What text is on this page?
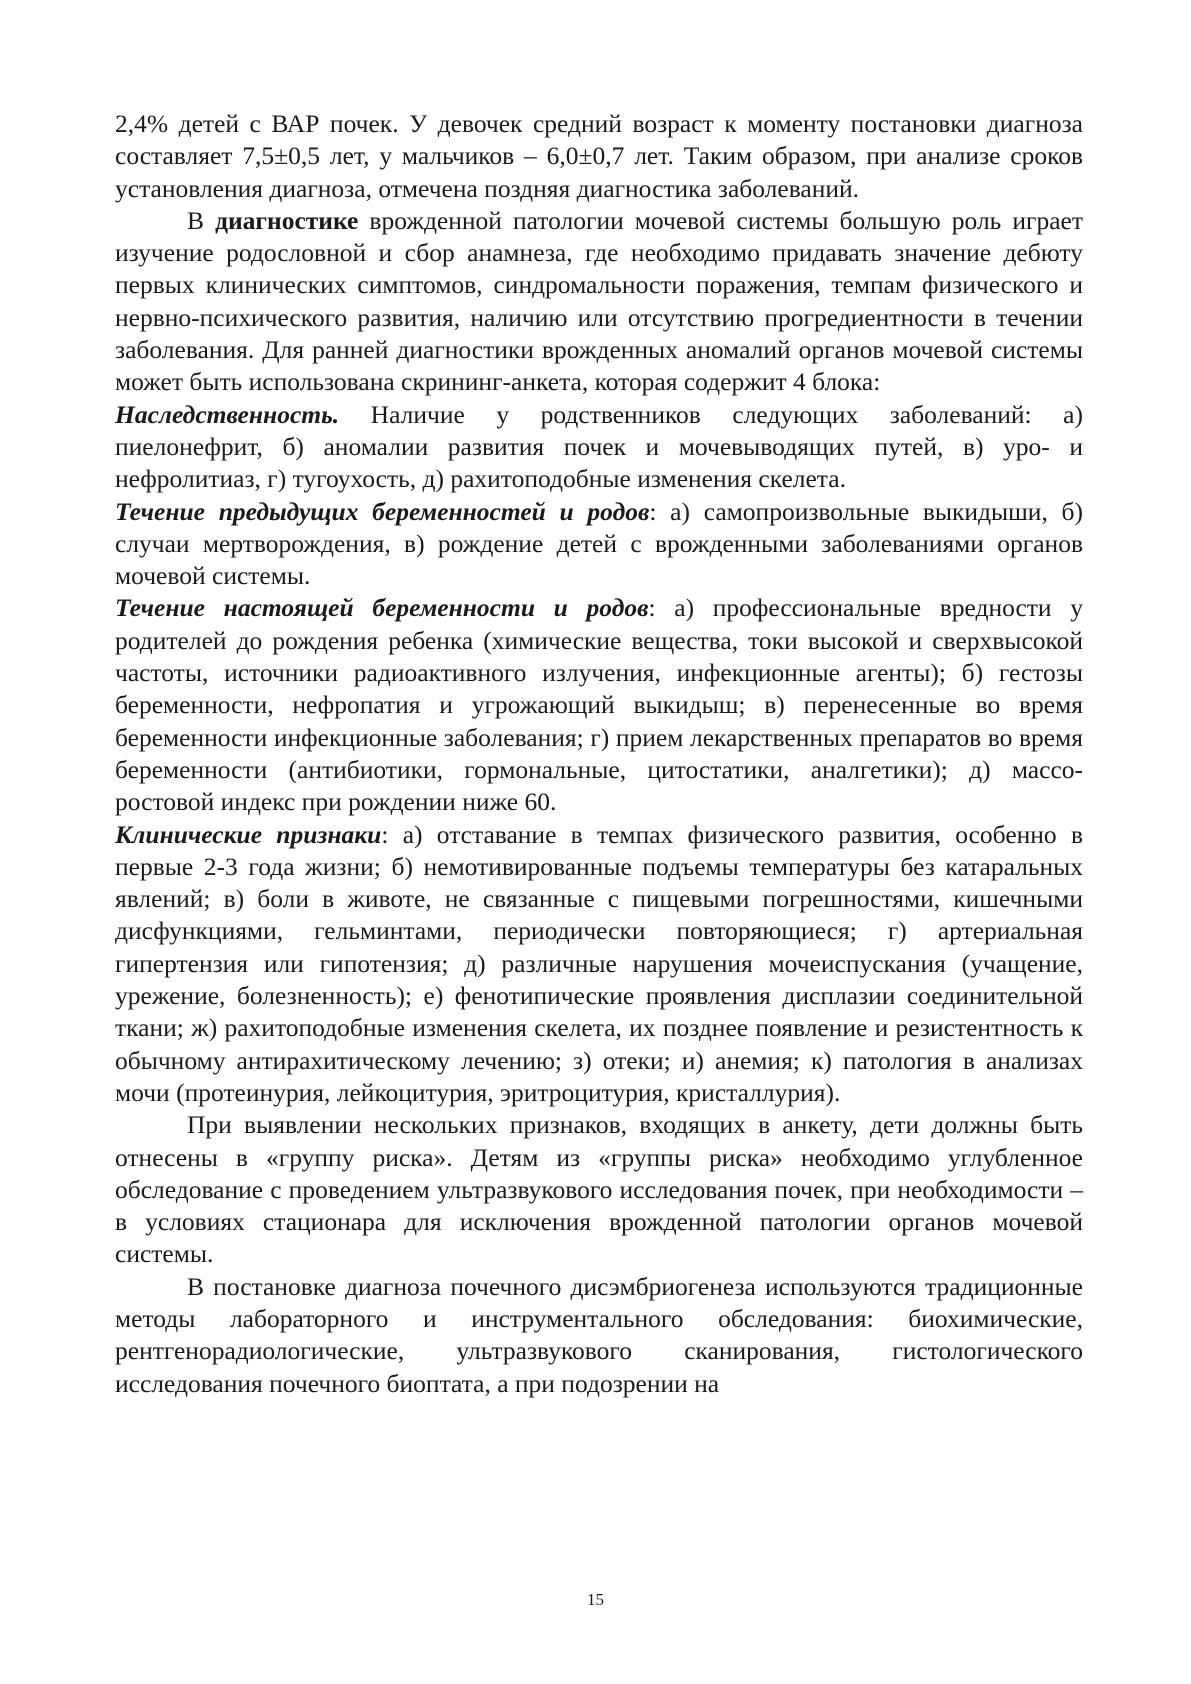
2,4% детей с ВАР почек. У девочек средний возраст к моменту постановки диагноза составляет 7,5±0,5 лет, у мальчиков – 6,0±0,7 лет. Таким образом, при анализе сроков установления диагноза, отмечена поздняя диагностика заболеваний.

В диагностике врожденной патологии мочевой системы большую роль играет изучение родословной и сбор анамнеза, где необходимо придавать значение дебюту первых клинических симптомов, синдромальности поражения, темпам физического и нервно-психического развития, наличию или отсутствию прогредиентности в течении заболевания. Для ранней диагностики врожденных аномалий органов мочевой системы может быть использована скрининг-анкета, которая содержит 4 блока:

Наследственность. Наличие у родственников следующих заболеваний: а) пиелонефрит, б) аномалии развития почек и мочевыводящих путей, в) уро- и нефролитиаз, г) тугоухость, д) рахитоподобные изменения скелета.

Течение предыдущих беременностей и родов: а) самопроизвольные выкидыши, б) случаи мертворождения, в) рождение детей с врожденными заболеваниями органов мочевой системы.

Течение настоящей беременности и родов: а) профессиональные вредности у родителей до рождения ребенка (химические вещества, токи высокой и сверхвысокой частоты, источники радиоактивного излучения, инфекционные агенты); б) гестозы беременности, нефропатия и угрожающий выкидыш; в) перенесенные во время беременности инфекционные заболевания; г) прием лекарственных препаратов во время беременности (антибиотики, гормональные, цитостатики, аналгетики); д) массо-ростовой индекс при рождении ниже 60.

Клинические признаки: а) отставание в темпах физического развития, особенно в первые 2-3 года жизни; б) немотивированные подъемы температуры без катаральных явлений; в) боли в животе, не связанные с пищевыми погрешностями, кишечными дисфункциями, гельминтами, периодически повторяющиеся; г) артериальная гипертензия или гипотензия; д) различные нарушения мочеиспускания (учащение, урежение, болезненность); е) фенотипические проявления дисплазии соединительной ткани; ж) рахитоподобные изменения скелета, их позднее появление и резистентность к обычному антирахитическому лечению; з) отеки; и) анемия; к) патология в анализах мочи (протеинурия, лейкоцитурия, эритроцитурия, кристаллурия).

При выявлении нескольких признаков, входящих в анкету, дети должны быть отнесены в «группу риска». Детям из «группы риска» необходимо углубленное обследование с проведением ультразвукового исследования почек, при необходимости – в условиях стационара для исключения врожденной патологии органов мочевой системы.

В постановке диагноза почечного дисэмбриогенеза используются традиционные методы лабораторного и инструментального обследования: биохимические, рентгенорадиологические, ультразвукового сканирования, гистологического исследования почечного биоптата, а при подозрении на

15
